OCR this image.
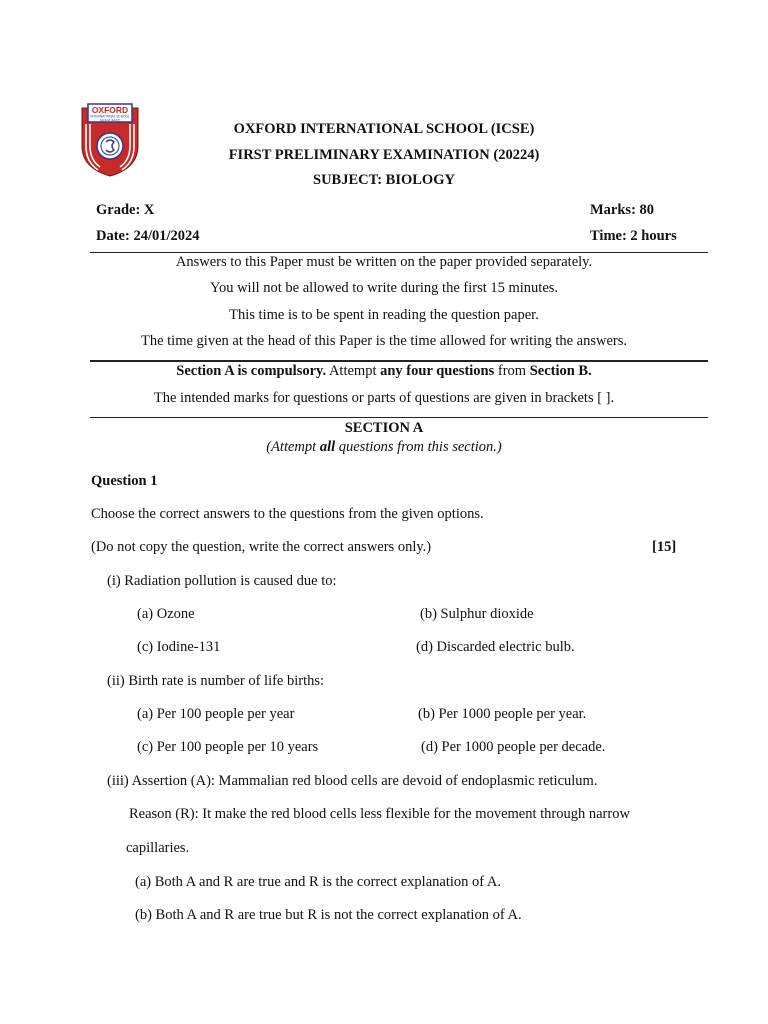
OXFORD
INTERNATIONAL SCHOOL
SANGVI (EAST)
OXFORD INTERNATIONAL SCHOOL (ICSE)
FIRST PRELIMINARY EXAMINATION (20224)
SUBJECT: BIOLOGY
Grade: X	Marks: 80
Date: 24/01/2024	Time: 2 hours
Answers to this Paper must be written on the paper provided separately.
You will not be allowed to write during the first 15 minutes.
This time is to be spent in reading the question paper.
The time given at the head of this Paper is the time allowed for writing the answers.
Section A is compulsory. Attempt any four questions from Section B.
The intended marks for questions or parts of questions are given in brackets [ ].
SECTION A
(Attempt all questions from this section.)
Question 1
Choose the correct answers to the questions from the given options.
(Do not copy the question, write the correct answers only.)	[15]
(i) Radiation pollution is caused due to:
(a) Ozone	(b) Sulphur dioxide
(c) Iodine-131	(d) Discarded electric bulb.
(ii) Birth rate is number of life births:
(a) Per 100 people per year	(b) Per 1000 people per year.
(c) Per 100 people per 10 years	(d) Per 1000 people per decade.
(iii) Assertion (A): Mammalian red blood cells are devoid of endoplasmic reticulum.
Reason (R): It make the red blood cells less flexible for the movement through narrow
capillaries.
(a) Both A and R are true and R is the correct explanation of A.
(b) Both A and R are true but R is not the correct explanation of A.
